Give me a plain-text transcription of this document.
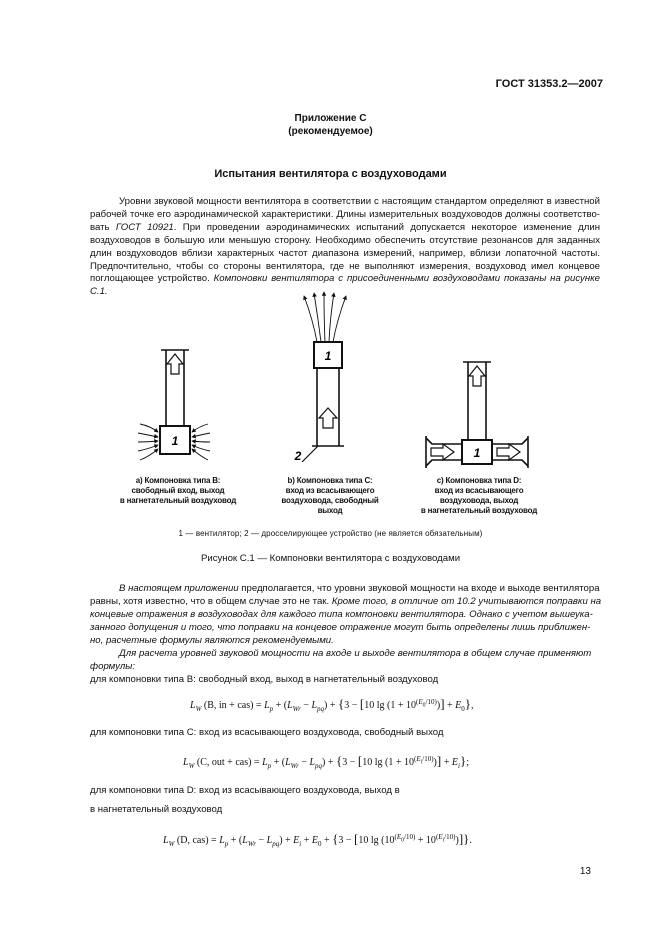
ГОСТ 31353.2—2007
Приложение С
(рекомендуемое)
Испытания вентилятора с воздуховодами
Уровни звуковой мощности вентилятора в соответствии с настоящим стандартом определяют в известной рабочей точке его аэродинамической характеристики. Длины измерительных воздуховодов должны соответствовать ГОСТ 10921. При проведении аэродинамических испытаний допускается некоторое изменение длин воздуховодов в большую или меньшую сторону. Необходимо обеспечить отсутствие резонансов для заданных длин воздуховодов вблизи характерных частот диапазона измерений, например, вблизи лопаточной частоты. Предпочтительно, чтобы со стороны вентилятора, где не выполняют измерения, воздуховод имел концевое поглощающее устройство. Компоновки вентилятора с присоединенными воздуховодами показаны на рисунке С.1.
1
1
1
2
а) Компоновка типа В:
свободный вход, выход
в нагнетательный воздуховод
b) Компоновка типа С:
вход из всасывающего
воздуховода, свободный
выход
с) Компоновка типа D:
вход из всасывающего
воздуховода, выход
в нагнетательный воздуховод
1 — вентилятор; 2 — дросселирующее устройство (не является обязательным)
Рисунок С.1 — Компоновки вентилятора с воздуховодами
В настоящем приложении предполагается, что уровни звуковой мощности на входе и выходе вентилятора
равны, хотя известно, что в общем случае это не так. Кроме того, в отличие от 10.2 учитываются поправки на
концевые отражения в воздуховодах для каждого типа компоновки вентилятора. Однако с учетом вышеука-
занного допущения и того, что поправки на концевое отражение могут быть определены лишь приближен-
но, расчетные формулы являются рекомендуемыми.
Для расчета уровней звуковой мощности на входе и выходе вентилятора в общем случае применяют
формулы:
для компоновки типа В: свободный вход, выход в нагнетательный воздуховод
$L_W$ (B, in + $cas) = L_p + (L_{Wr} - L_{pq}) + \{3 - [10$ $\lg (1 + 10^{(E_0/10)})] + E_0$},
для компоновки типа С: вход из всасывающего воздуховода, свободный выход
$L_W$ (C, out + $cas) = L_p + (L_{Wr} - L_{pq}) + \{3 - [10$ $\lg (1 + 10^{(E_i/10)})] + E_i$};
для компоновки типа D: вход из всасывающего воздуховода, выход в
в нагнетательный воздуховод
$L_W$ (D, $cas) = L_p + (L_{Wr} - L_{pq}) + E_i + E_0 + \{3 - [10$ $\lg (10^{(E_0/10)} + 10^{(E_i/10)})$]}.
13
